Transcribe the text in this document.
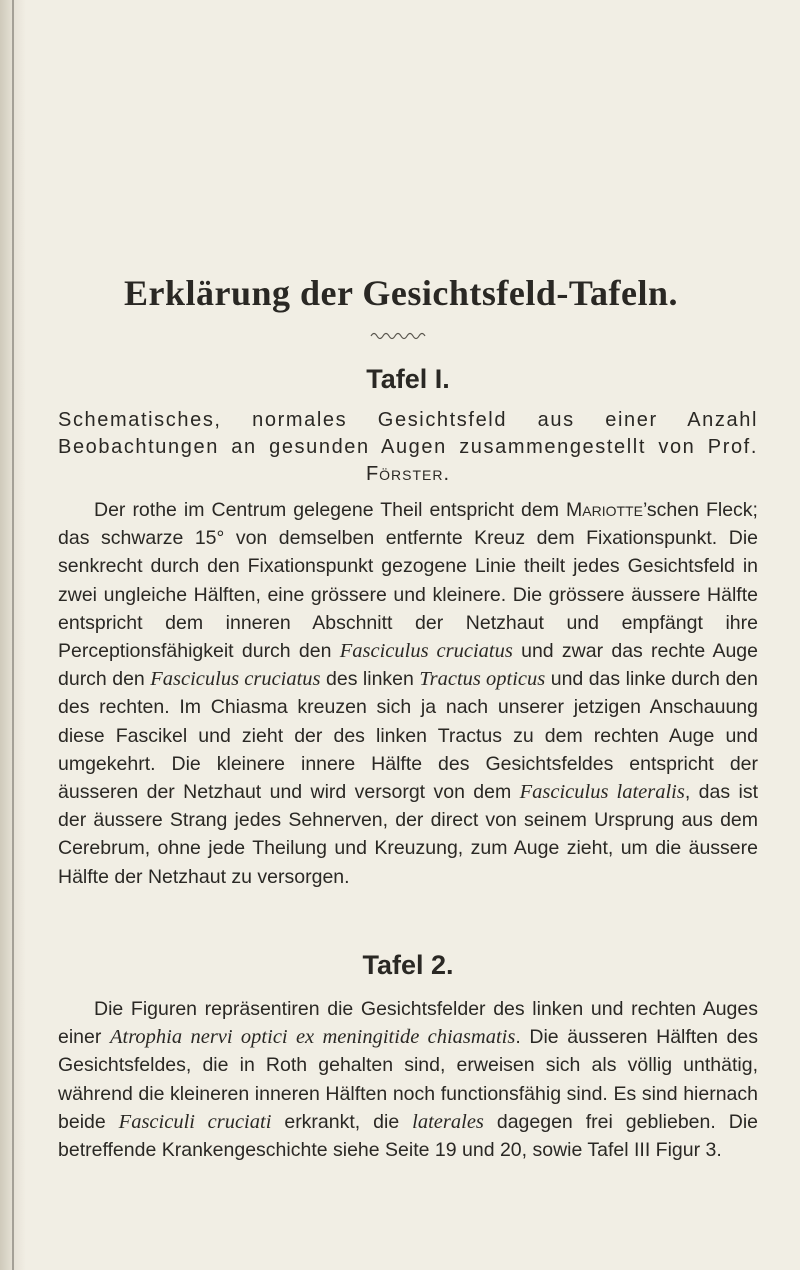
Erklärung der Gesichtsfeld-Tafeln.
Tafel I.

Schematisches, normales Gesichtsfeld aus einer Anzahl Beobachtungen an gesunden Augen zusammengestellt von Prof. Förster.

Der rothe im Centrum gelegene Theil entspricht dem Mariotte’schen Fleck; das schwarze 15° von demselben entfernte Kreuz dem Fixationspunkt. Die senkrecht durch den Fixationspunkt gezogene Linie theilt jedes Gesichtsfeld in zwei ungleiche Hälften, eine grössere und kleinere. Die grössere äussere Hälfte entspricht dem inneren Abschnitt der Netzhaut und empfängt ihre Perceptionsfähigkeit durch den Fasciculus cruciatus und zwar das rechte Auge durch den Fasciculus cruciatus des linken Tractus opticus und das linke durch den des rechten. Im Chiasma kreuzen sich ja nach unserer jetzigen Anschauung diese Fascikel und zieht der des linken Tractus zu dem rechten Auge und umgekehrt. Die kleinere innere Hälfte des Gesichtsfeldes entspricht der äusseren der Netzhaut und wird versorgt von dem Fasciculus lateralis, das ist der äussere Strang jedes Sehnerven, der direct von seinem Ursprung aus dem Cerebrum, ohne jede Theilung und Kreuzung, zum Auge zieht, um die äussere Hälfte der Netzhaut zu versorgen.

Tafel 2.

Die Figuren repräsentiren die Gesichtsfelder des linken und rechten Auges einer Atrophia nervi optici ex meningitide chiasmatis. Die äusseren Hälften des Gesichtsfeldes, die in Roth gehalten sind, erweisen sich als völlig unthätig, während die kleineren inneren Hälften noch functionsfähig sind. Es sind hiernach beide Fasciculi cruciati erkrankt, die laterales dagegen frei geblieben. Die betreffende Krankengeschichte siehe Seite 19 und 20, sowie Tafel III Figur 3.
